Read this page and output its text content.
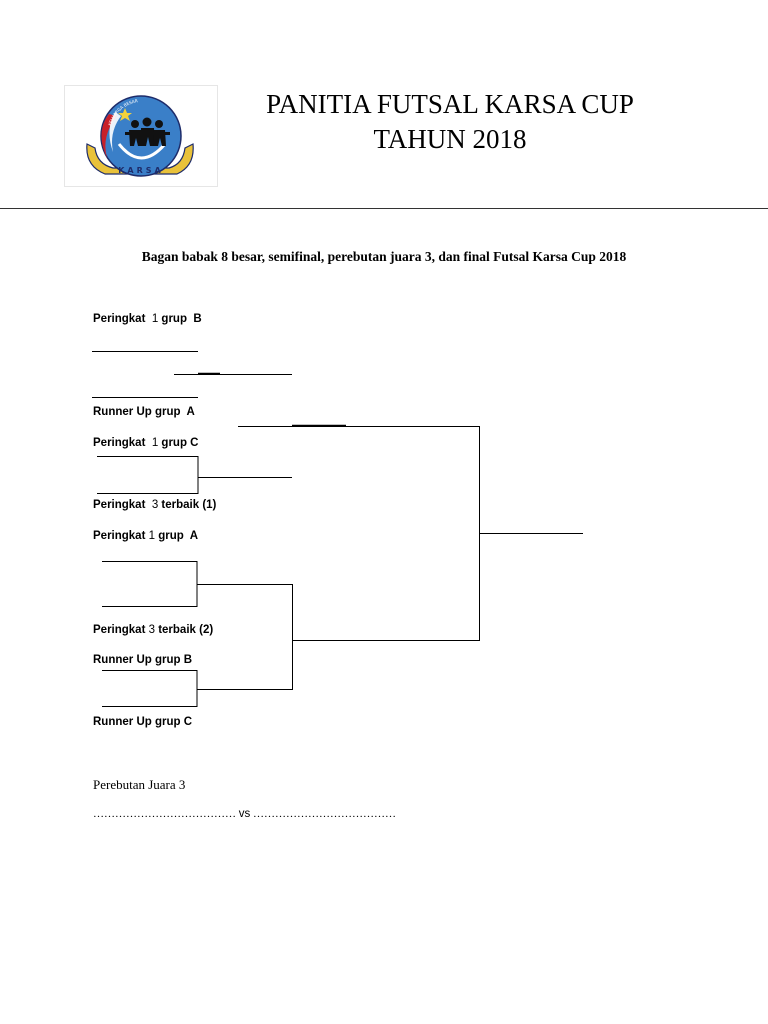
KELUARGA BESAR
KARSA
PANITIA FUTSAL KARSA CUP
TAHUN 2018
Bagan babak 8 besar, semifinal, perebutan juara 3, dan final Futsal Karsa Cup 2018
Peringkat  1 grup  B
Runner Up grup  A
Peringkat  1 grup C
Peringkat  3 terbaik (1)
Peringkat 1 grup  A
Peringkat 3 terbaik (2)
Runner Up grup B
Runner Up grup C
Perebutan Juara 3
………………………………… vs …………………………………
